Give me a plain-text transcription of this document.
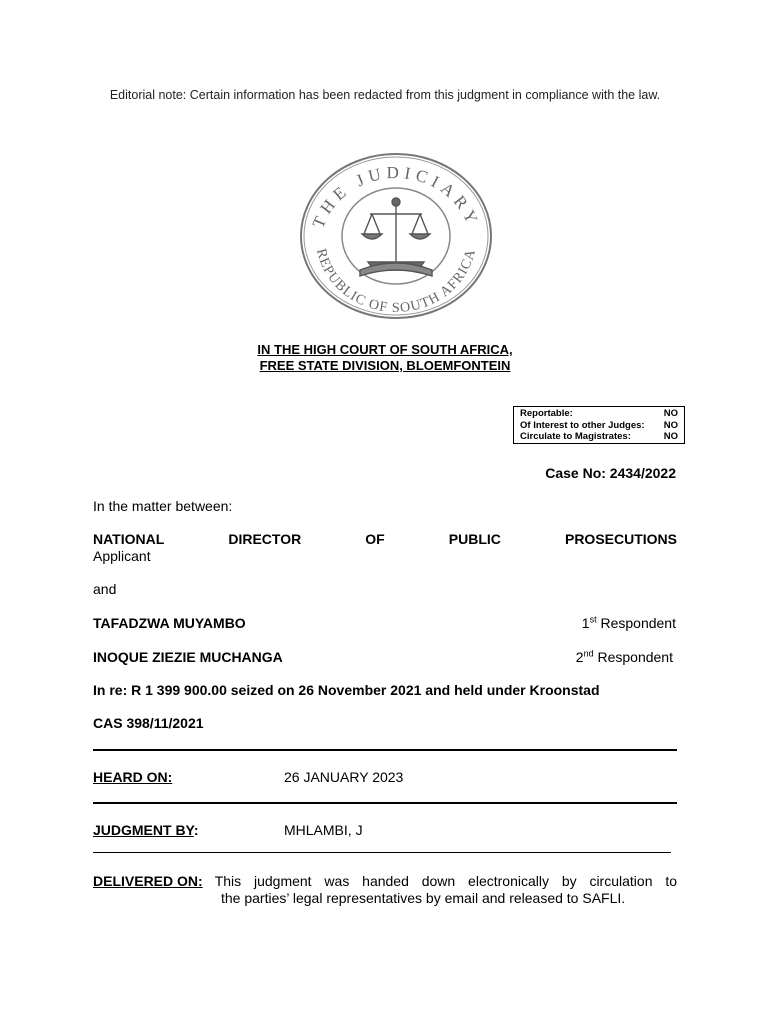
Editorial note: Certain information has been redacted from this judgment in compliance with the law.
THE JUDICIARY
REPUBLIC OF SOUTH AFRICA
IN THE HIGH COURT OF SOUTH AFRICA,
FREE STATE DIVISION, BLOEMFONTEIN
Reportable:	NO
Of Interest to other Judges: NO
Circulate to Magistrates:	NO
Case No: 2434/2022
In the matter between:
NATIONAL	DIRECTOR	OF	PUBLIC	PROSECUTIONS
Applicant
and
TAFADZWA MUYAMBO	1st Respondent
INOQUE ZIEZIE MUCHANGA	2nd Respondent
In re: R 1 399 900.00 seized on 26 November 2021 and held under Kroonstad
CAS 398/11/2021
HEARD ON:	26 JANUARY 2023
JUDGMENT BY:	MHLAMBI, J
DELIVERED ON: This judgment was handed down electronically by circulation to
the parties’ legal representatives by email and released to SAFLI.
